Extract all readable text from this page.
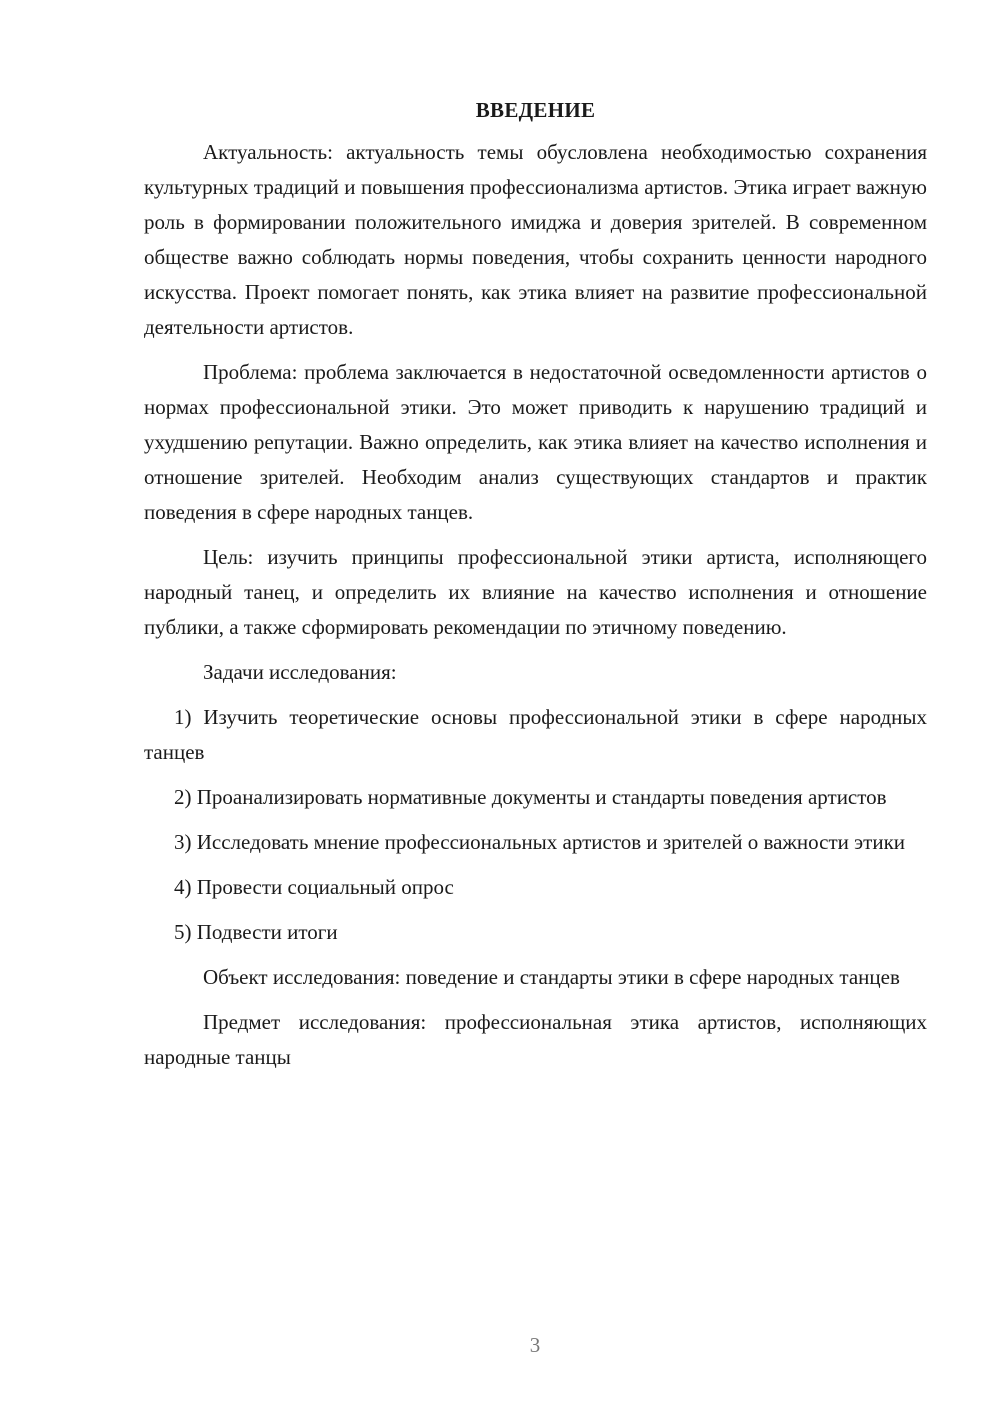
ВВЕДЕНИЕ

Актуальность: актуальность темы обусловлена необходимостью сохранения культурных традиций и повышения профессионализма артистов. Этика играет важную роль в формировании положительного имиджа и доверия зрителей. В современном обществе важно соблюдать нормы поведения, чтобы сохранить ценности народного искусства. Проект помогает понять, как этика влияет на развитие профессиональной деятельности артистов.

Проблема: проблема заключается в недостаточной осведомленности артистов о нормах профессиональной этики. Это может приводить к нарушению традиций и ухудшению репутации. Важно определить, как этика влияет на качество исполнения и отношение зрителей. Необходим анализ существующих стандартов и практик поведения в сфере народных танцев.

Цель: изучить принципы профессиональной этики артиста, исполняющего народный танец, и определить их влияние на качество исполнения и отношение публики, а также сформировать рекомендации по этичному поведению.

Задачи исследования:

1) Изучить теоретические основы профессиональной этики в сфере народных танцев

2) Проанализировать нормативные документы и стандарты поведения артистов

3) Исследовать мнение профессиональных артистов и зрителей о важности этики

4) Провести социальный опрос

5) Подвести итоги

Объект исследования: поведение и стандарты этики в сфере народных танцев

Предмет исследования: профессиональная этика артистов, исполняющих народные танцы

3
